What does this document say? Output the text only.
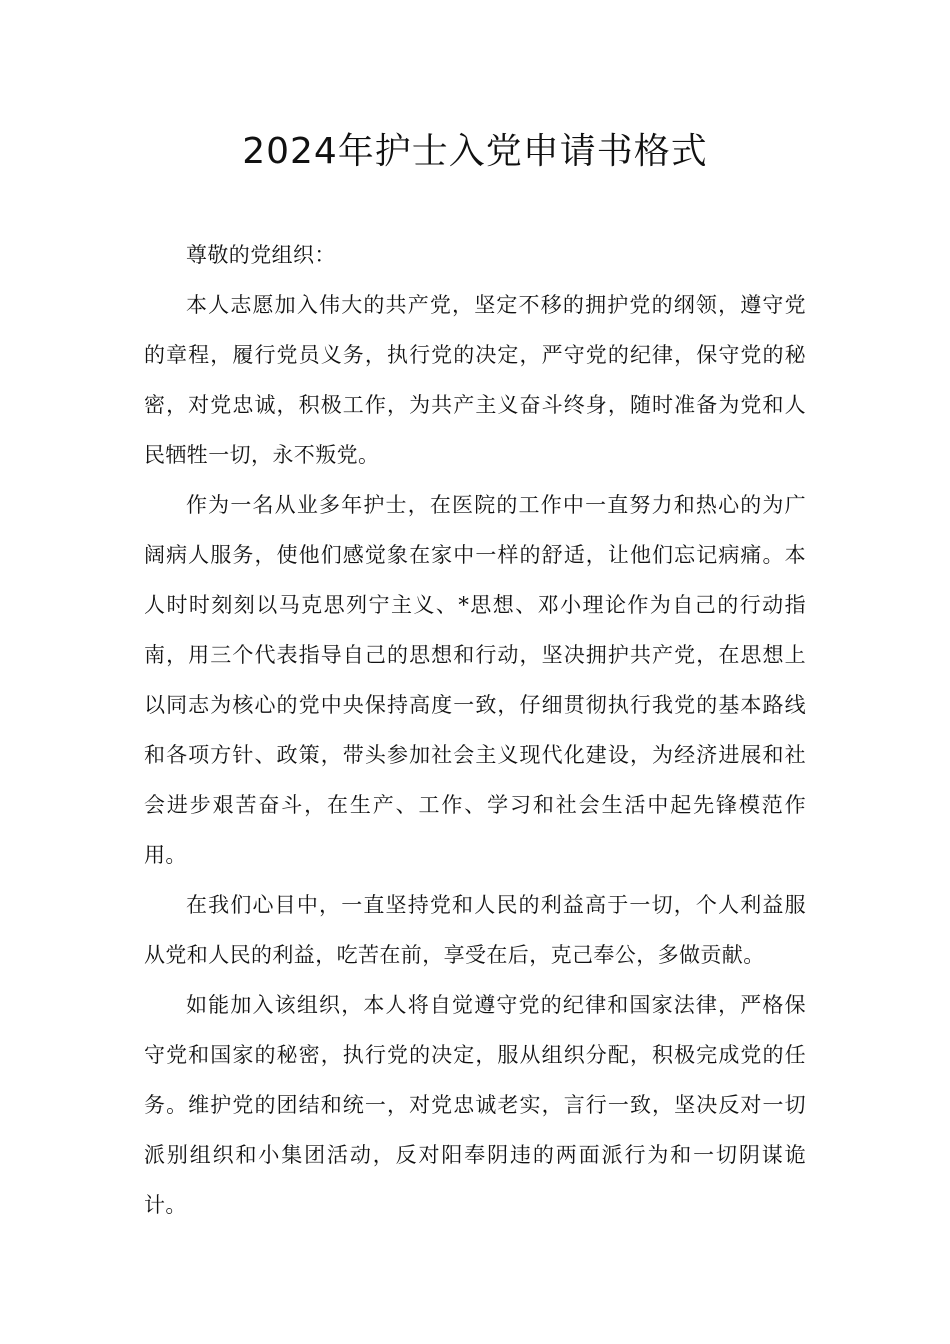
2024年护士入党申请书格式

尊敬的党组织：

本人志愿加入伟大的共产党，坚定不移的拥护党的纲领，遵守党的章程，履行党员义务，执行党的决定，严守党的纪律，保守党的秘密，对党忠诚，积极工作，为共产主义奋斗终身，随时准备为党和人民牺牲一切，永不叛党。

作为一名从业多年护士，在医院的工作中一直努力和热心的为广阔病人服务，使他们感觉象在家中一样的舒适，让他们忘记病痛。本人时时刻刻以马克思列宁主义、*思想、邓小理论作为自己的行动指南，用三个代表指导自己的思想和行动，坚决拥护共产党，在思想上以同志为核心的党中央保持高度一致，仔细贯彻执行我党的基本路线和各项方针、政策，带头参加社会主义现代化建设，为经济进展和社会进步艰苦奋斗，在生产、工作、学习和社会生活中起先锋模范作用。

在我们心目中，一直坚持党和人民的利益高于一切，个人利益服从党和人民的利益，吃苦在前，享受在后，克己奉公，多做贡献。

如能加入该组织，本人将自觉遵守党的纪律和国家法律，严格保守党和国家的秘密，执行党的决定，服从组织分配，积极完成党的任务。维护党的团结和统一，对党忠诚老实，言行一致，坚决反对一切派别组织和小集团活动，反对阳奉阴违的两面派行为和一切阴谋诡计。
